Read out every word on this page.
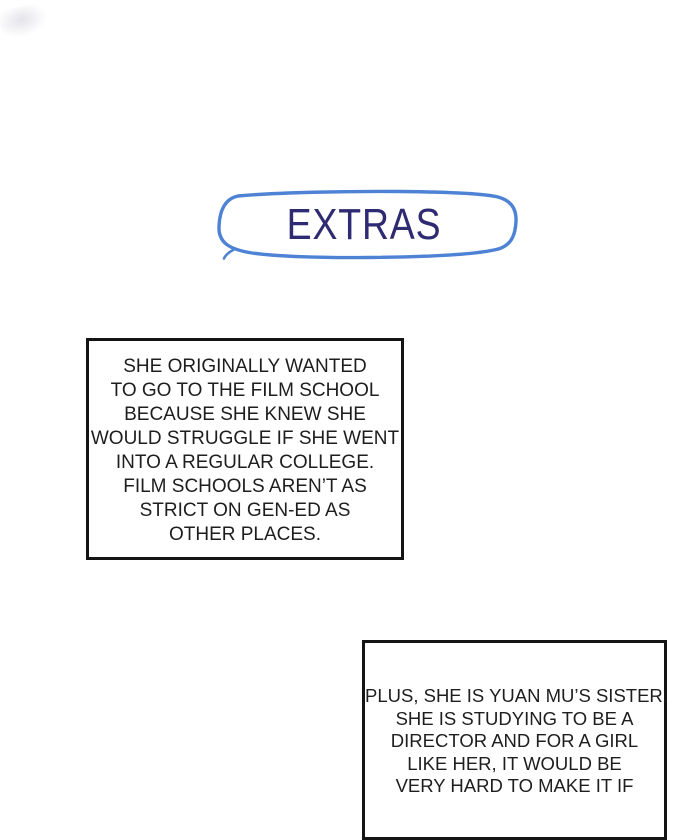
EXTRAS
SHE ORIGINALLY WANTED
TO GO TO THE FILM SCHOOL
BECAUSE SHE KNEW SHE
WOULD STRUGGLE IF SHE WENT
INTO A REGULAR COLLEGE.
FILM SCHOOLS AREN’T AS
STRICT ON GEN-ED AS
OTHER PLACES.
PLUS, SHE IS YUAN MU’S SISTER.
SHE IS STUDYING TO BE A
DIRECTOR AND FOR A GIRL
LIKE HER, IT WOULD BE
VERY HARD TO MAKE IT IF
